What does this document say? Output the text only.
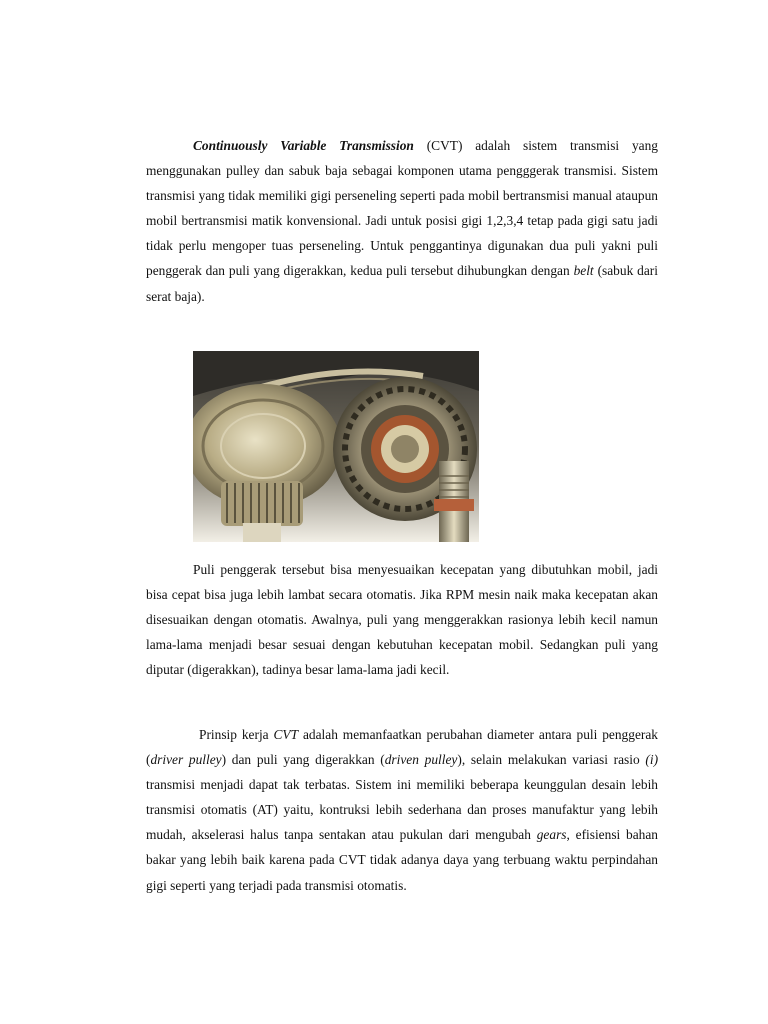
Continuously Variable Transmission (CVT) adalah sistem transmisi yang menggunakan pulley dan sabuk baja sebagai komponen utama pengggerak transmisi. Sistem transmisi yang tidak memiliki gigi perseneling seperti pada mobil bertransmisi manual ataupun mobil bertransmisi matik konvensional. Jadi untuk posisi gigi 1,2,3,4 tetap pada gigi satu jadi tidak perlu mengoper tuas perseneling. Untuk penggantinya digunakan dua puli yakni puli penggerak dan puli yang digerakkan, kedua puli tersebut dihubungkan dengan belt (sabuk dari serat baja).

Puli penggerak tersebut bisa menyesuaikan kecepatan yang dibutuhkan mobil, jadi bisa cepat bisa juga lebih lambat secara otomatis. Jika RPM mesin naik maka kecepatan akan disesuaikan dengan otomatis. Awalnya, puli yang menggerakkan rasionya lebih kecil namun lama-lama menjadi besar sesuai dengan kebutuhan kecepatan mobil. Sedangkan puli yang diputar (digerakkan), tadinya besar lama-lama jadi kecil.

Prinsip kerja CVT adalah memanfaatkan perubahan diameter antara puli penggerak (driver pulley) dan puli yang digerakkan (driven pulley), selain melakukan variasi rasio (i) transmisi menjadi dapat tak terbatas. Sistem ini memiliki beberapa keunggulan desain lebih transmisi otomatis (AT) yaitu, kontruksi lebih sederhana dan proses manufaktur yang lebih mudah, akselerasi halus tanpa sentakan atau pukulan dari mengubah gears, efisiensi bahan bakar yang lebih baik karena pada CVT tidak adanya daya yang terbuang waktu perpindahan gigi seperti yang terjadi pada transmisi otomatis.
